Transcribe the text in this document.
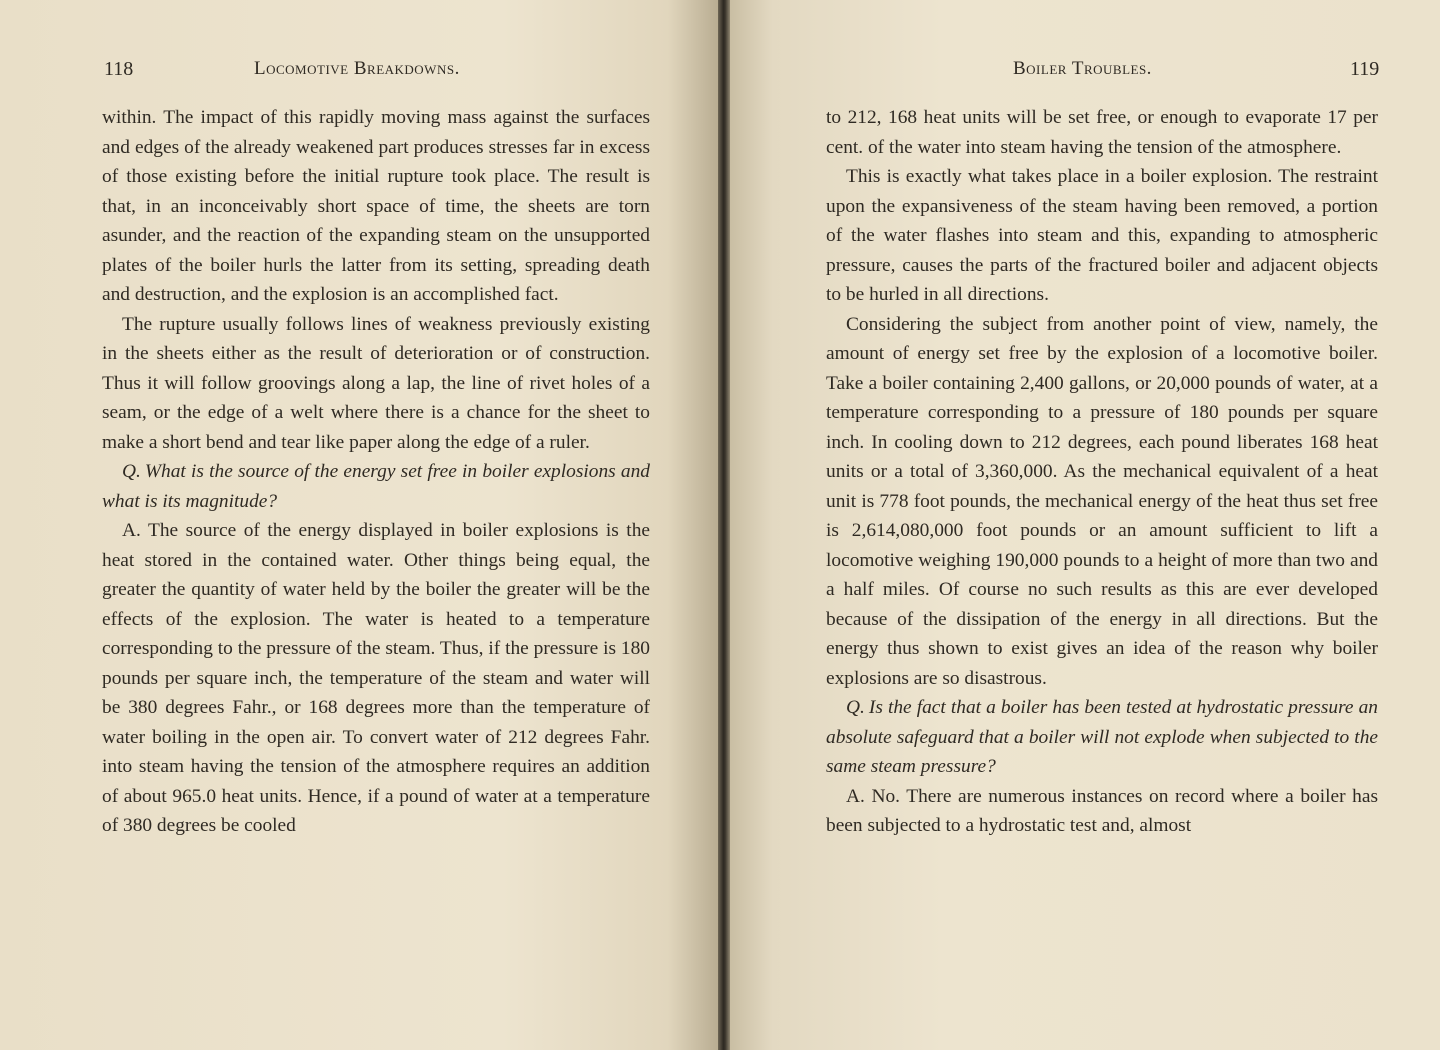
118	Locomotive Breakdowns.

within. The impact of this rapidly moving mass against the surfaces and edges of the already weakened part produces stresses far in excess of those existing before the initial rupture took place. The result is that, in an inconceivably short space of time, the sheets are torn asunder, and the reaction of the expanding steam on the unsupported plates of the boiler hurls the latter from its setting, spreading death and destruction, and the explosion is an accomplished fact.

The rupture usually follows lines of weakness previously existing in the sheets either as the result of deterioration or of construction. Thus it will follow groovings along a lap, the line of rivet holes of a seam, or the edge of a welt where there is a chance for the sheet to make a short bend and tear like paper along the edge of a ruler.

Q. What is the source of the energy set free in boiler explosions and what is its magnitude?

A. The source of the energy displayed in boiler explosions is the heat stored in the contained water. Other things being equal, the greater the quantity of water held by the boiler the greater will be the effects of the explosion. The water is heated to a temperature corresponding to the pressure of the steam. Thus, if the pressure is 180 pounds per square inch, the temperature of the steam and water will be 380 degrees Fahr., or 168 degrees more than the temperature of water boiling in the open air. To convert water of 212 degrees Fahr. into steam having the tension of the atmosphere requires an addition of about 965.0 heat units. Hence, if a pound of water at a temperature of 380 degrees be cooled

Boiler Troubles.	119

to 212, 168 heat units will be set free, or enough to evaporate 17 per cent. of the water into steam having the tension of the atmosphere.

This is exactly what takes place in a boiler explosion. The restraint upon the expansiveness of the steam having been removed, a portion of the water flashes into steam and this, expanding to atmospheric pressure, causes the parts of the fractured boiler and adjacent objects to be hurled in all directions.

Considering the subject from another point of view, namely, the amount of energy set free by the explosion of a locomotive boiler. Take a boiler containing 2,400 gallons, or 20,000 pounds of water, at a temperature corresponding to a pressure of 180 pounds per square inch. In cooling down to 212 degrees, each pound liberates 168 heat units or a total of 3,360,000. As the mechanical equivalent of a heat unit is 778 foot pounds, the mechanical energy of the heat thus set free is 2,614,080,000 foot pounds or an amount sufficient to lift a locomotive weighing 190,000 pounds to a height of more than two and a half miles. Of course no such results as this are ever developed because of the dissipation of the energy in all directions. But the energy thus shown to exist gives an idea of the reason why boiler explosions are so disastrous.

Q. Is the fact that a boiler has been tested at hydrostatic pressure an absolute safeguard that a boiler will not explode when subjected to the same steam pressure?

A. No. There are numerous instances on record where a boiler has been subjected to a hydrostatic test and, almost
